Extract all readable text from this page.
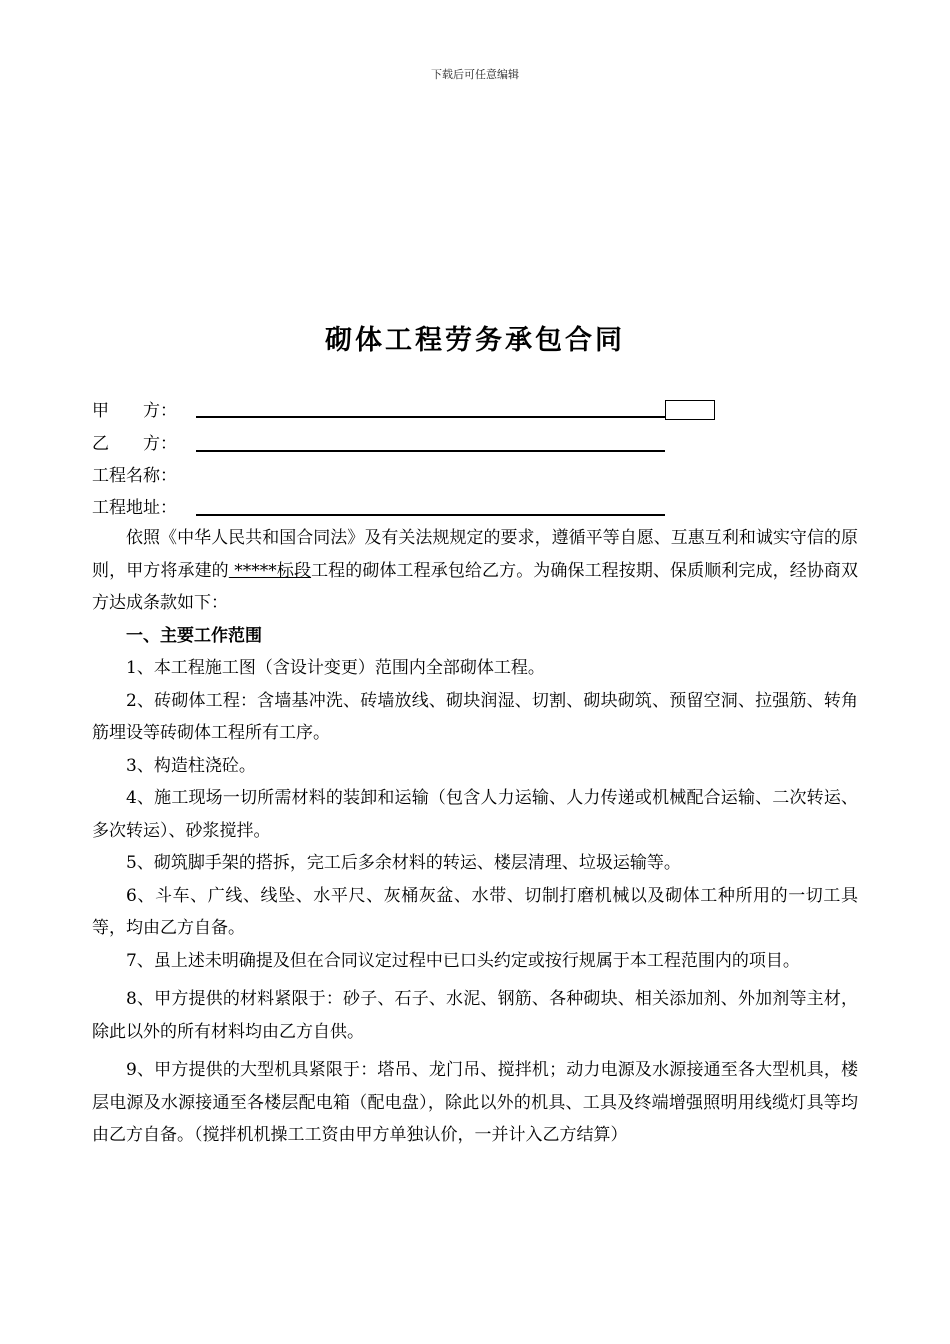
下载后可任意编辑
砌体工程劳务承包合同
甲　　方：
乙　　方：
工程名称：
工程地址：

依照《中华人民共和国合同法》及有关法规规定的要求，遵循平等自愿、互惠互利和诚实守信的原则，甲方将承建的 *****标段工程的砌体工程承包给乙方。为确保工程按期、保质顺利完成，经协商双方达成条款如下：

一、主要工作范围

1、本工程施工图（含设计变更）范围内全部砌体工程。

2、砖砌体工程：含墙基冲洗、砖墙放线、砌块润湿、切割、砌块砌筑、预留空洞、拉强筋、转角筋埋设等砖砌体工程所有工序。

3、构造柱浇砼。

4、施工现场一切所需材料的装卸和运输（包含人力运输、人力传递或机械配合运输、二次转运、多次转运）、砂浆搅拌。

5、砌筑脚手架的搭拆，完工后多余材料的转运、楼层清理、垃圾运输等。

6、斗车、广线、线坠、水平尺、灰桶灰盆、水带、切制打磨机械以及砌体工种所用的一切工具等，均由乙方自备。

7、虽上述未明确提及但在合同议定过程中已口头约定或按行规属于本工程范围内的项目。

8、甲方提供的材料紧限于：砂子、石子、水泥、钢筋、各种砌块、相关添加剂、外加剂等主材，除此以外的所有材料均由乙方自供。

9、甲方提供的大型机具紧限于：塔吊、龙门吊、搅拌机；动力电源及水源接通至各大型机具，楼层电源及水源接通至各楼层配电箱（配电盘），除此以外的机具、工具及终端增强照明用线缆灯具等均由乙方自备。（搅拌机机操工工资由甲方单独认价，一并计入乙方结算）
